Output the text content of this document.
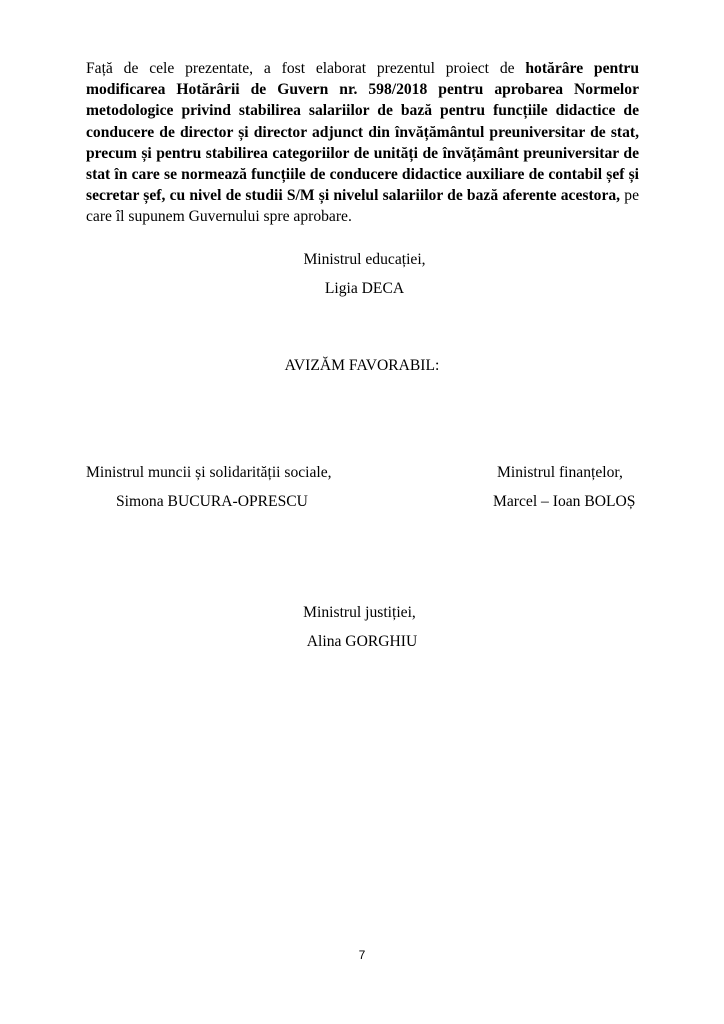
Față de cele prezentate, a fost elaborat prezentul proiect de hotărâre pentru modificarea Hotărârii de Guvern nr. 598/2018 pentru aprobarea Normelor metodologice privind stabilirea salariilor de bază pentru funcțiile didactice de conducere de director și director adjunct din învățământul preuniversitar de stat, precum și pentru stabilirea categoriilor de unități de învățământ preuniversitar de stat în care se normează funcțiile de conducere didactice auxiliare de contabil șef și secretar șef, cu nivel de studii S/M și nivelul salariilor de bază aferente acestora, pe care îl supunem Guvernului spre aprobare.

Ministrul educației,
Ligia DECA
AVIZĂM FAVORABIL:
Ministrul muncii și solidarității sociale,
Simona BUCURA-OPRESCU
Ministrul finanțelor,
Marcel – Ioan BOLOȘ
Ministrul justiției,
Alina GORGHIU
7
